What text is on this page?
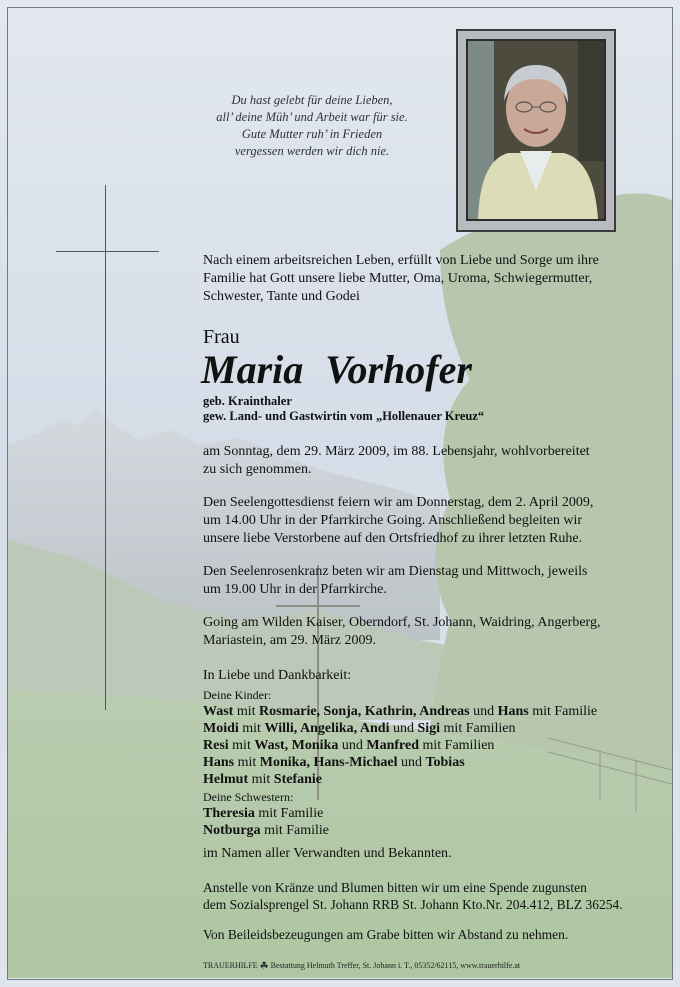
Du hast gelebt für deine Lieben,
all’ deine Müh’ und Arbeit war für sie.
Gute Mutter ruh’ in Frieden
vergessen werden wir dich nie.
Nach einem arbeitsreichen Leben, erfüllt von Liebe und Sorge um ihre
Familie hat Gott unsere liebe Mutter, Oma, Uroma, Schwiegermutter,
Schwester, Tante und Godei
Frau
Maria Vorhofer
geb. Krainthaler
gew. Land- und Gastwirtin vom „Hollenauer Kreuz“
am Sonntag, dem 29. März 2009, im 88. Lebensjahr, wohlvorbereitet
zu sich genommen.
Den Seelengottesdienst feiern wir am Donnerstag, dem 2. April 2009,
um 14.00 Uhr in der Pfarrkirche Going. Anschließend begleiten wir
unsere liebe Verstorbene auf den Ortsfriedhof zu ihrer letzten Ruhe.
Den Seelenrosenkranz beten wir am Dienstag und Mittwoch, jeweils
um 19.00 Uhr in der Pfarrkirche.
Going am Wilden Kaiser, Oberndorf, St. Johann, Waidring, Angerberg,
Mariastein, am 29. März 2009.
In Liebe und Dankbarkeit:
Deine Kinder:
Wast mit Rosmarie, Sonja, Kathrin, Andreas und Hans mit Familie
Moidi mit Willi, Angelika, Andi und Sigi mit Familien
Resi mit Wast, Monika und Manfred mit Familien
Hans mit Monika, Hans-Michael und Tobias
Helmut mit Stefanie
Deine Schwestern:
Theresia mit Familie
Notburga mit Familie
im Namen aller Verwandten und Bekannten.
Anstelle von Kränze und Blumen bitten wir um eine Spende zugunsten
dem Sozialsprengel St. Johann RRB St. Johann Kto.Nr. 204.412, BLZ 36254.
Von Beileidsbezeugungen am Grabe bitten wir Abstand zu nehmen.
TRAUERHILFE ☘ Bestattung Helmuth Treffer, St. Johann i. T., 05352/62115, www.trauerhilfe.at
